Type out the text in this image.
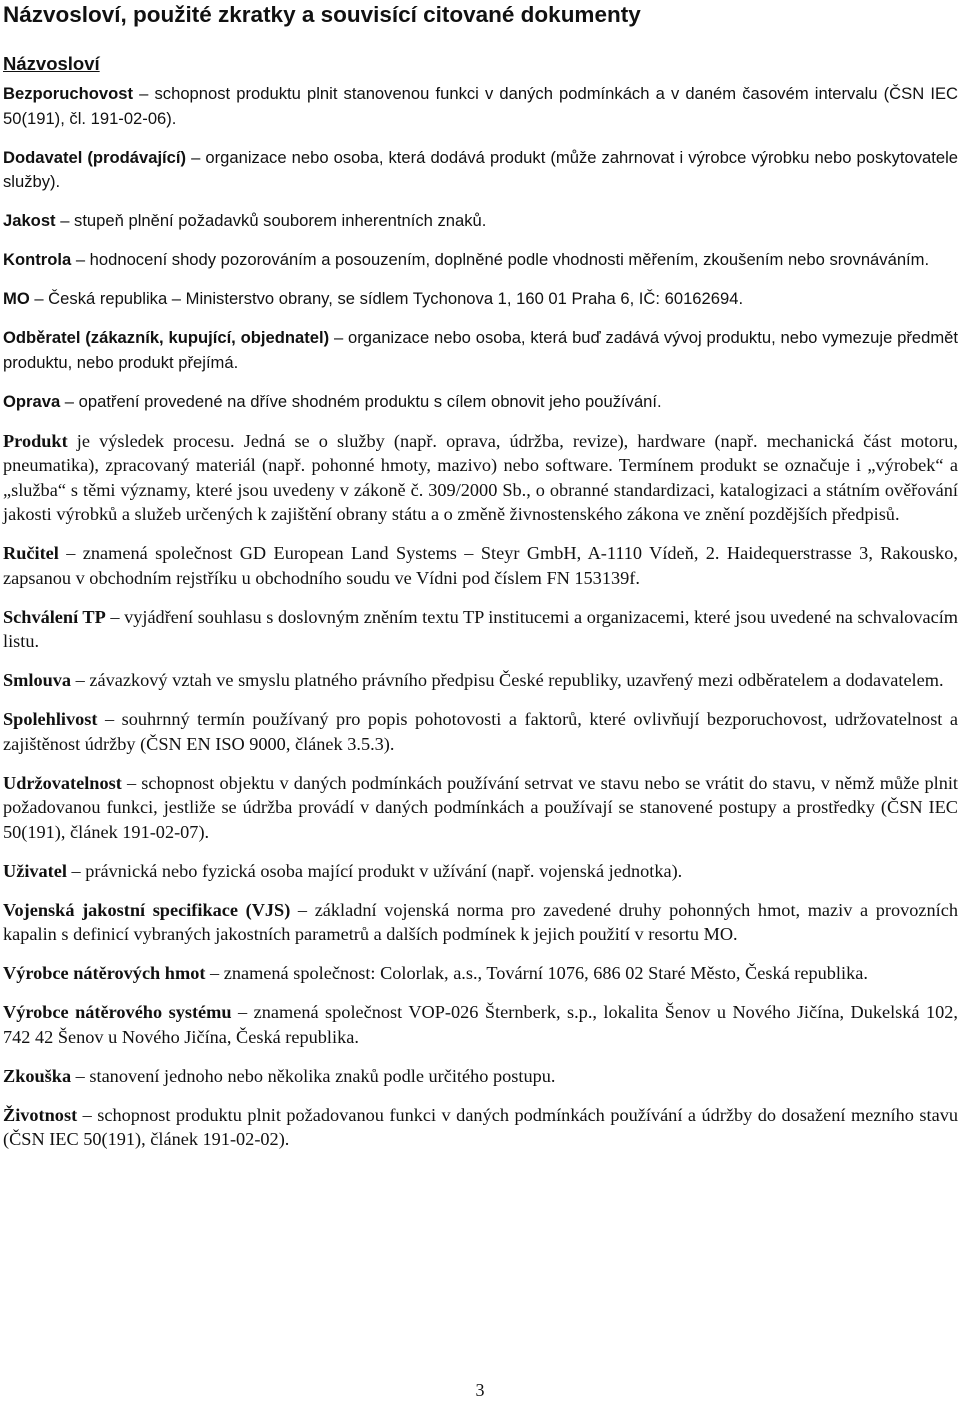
Názvosloví, použité zkratky a souvisící citované dokumenty
Názvosloví

Bezporuchovost – schopnost produktu plnit stanovenou funkci v daných podmínkách a v daném časovém intervalu (ČSN IEC 50(191), čl. 191-02-06).

Dodavatel (prodávající) – organizace nebo osoba, která dodává produkt (může zahrnovat i výrobce výrobku nebo poskytovatele služby).

Jakost – stupeň plnění požadavků souborem inherentních znaků.

Kontrola – hodnocení shody pozorováním a posouzením, doplněné podle vhodnosti měřením, zkoušením nebo srovnáváním.

MO – Česká republika – Ministerstvo obrany, se sídlem Tychonova 1, 160 01 Praha 6, IČ: 60162694.

Odběratel (zákazník, kupující, objednatel) – organizace nebo osoba, která buď zadává vývoj produktu, nebo vymezuje předmět produktu, nebo produkt přejímá.

Oprava – opatření provedené na dříve shodném produktu s cílem obnovit jeho používání.

Produkt je výsledek procesu. Jedná se o služby (např. oprava, údržba, revize), hardware (např. mechanická část motoru, pneumatika), zpracovaný materiál (např. pohonné hmoty, mazivo) nebo software. Termínem produkt se označuje i „výrobek“ a „služba“ s těmi významy, které jsou uvedeny v zákoně č. 309/2000 Sb., o obranné standardizaci, katalogizaci a státním ověřování jakosti výrobků a služeb určených k zajištění obrany státu a o změně živnostenského zákona ve znění pozdějších předpisů.

Ručitel – znamená společnost GD European Land Systems – Steyr GmbH, A-1110 Vídeň, 2. Haidequerstrasse 3, Rakousko, zapsanou v obchodním rejstříku u obchodního soudu ve Vídni pod číslem FN 153139f.

Schválení TP – vyjádření souhlasu s doslovným zněním textu TP institucemi a organizacemi, které jsou uvedené na schvalovacím listu.

Smlouva – závazkový vztah ve smyslu platného právního předpisu České republiky, uzavřený mezi odběratelem a dodavatelem.

Spolehlivost – souhrnný termín používaný pro popis pohotovosti a faktorů, které ovlivňují bezporuchovost, udržovatelnost a zajištěnost údržby (ČSN EN ISO 9000, článek 3.5.3).

Udržovatelnost – schopnost objektu v daných podmínkách používání setrvat ve stavu nebo se vrátit do stavu, v němž může plnit požadovanou funkci, jestliže se údržba provádí v daných podmínkách a používají se stanovené postupy a prostředky (ČSN IEC 50(191), článek 191-02-07).

Uživatel – právnická nebo fyzická osoba mající produkt v užívání (např. vojenská jednotka).

Vojenská jakostní specifikace (VJS) – základní vojenská norma pro zavedené druhy pohonných hmot, maziv a provozních kapalin s definicí vybraných jakostních parametrů a dalších podmínek k jejich použití v resortu MO.

Výrobce nátěrových hmot – znamená společnost: Colorlak, a.s., Tovární 1076, 686 02 Staré Město, Česká republika.

Výrobce nátěrového systému – znamená společnost VOP-026 Šternberk, s.p., lokalita Šenov u Nového Jičína, Dukelská 102, 742 42 Šenov u Nového Jičína, Česká republika.

Zkouška – stanovení jednoho nebo několika znaků podle určitého postupu.

Životnost – schopnost produktu plnit požadovanou funkci v daných podmínkách používání a údržby do dosažení mezního stavu (ČSN IEC 50(191), článek 191-02-02).

3
